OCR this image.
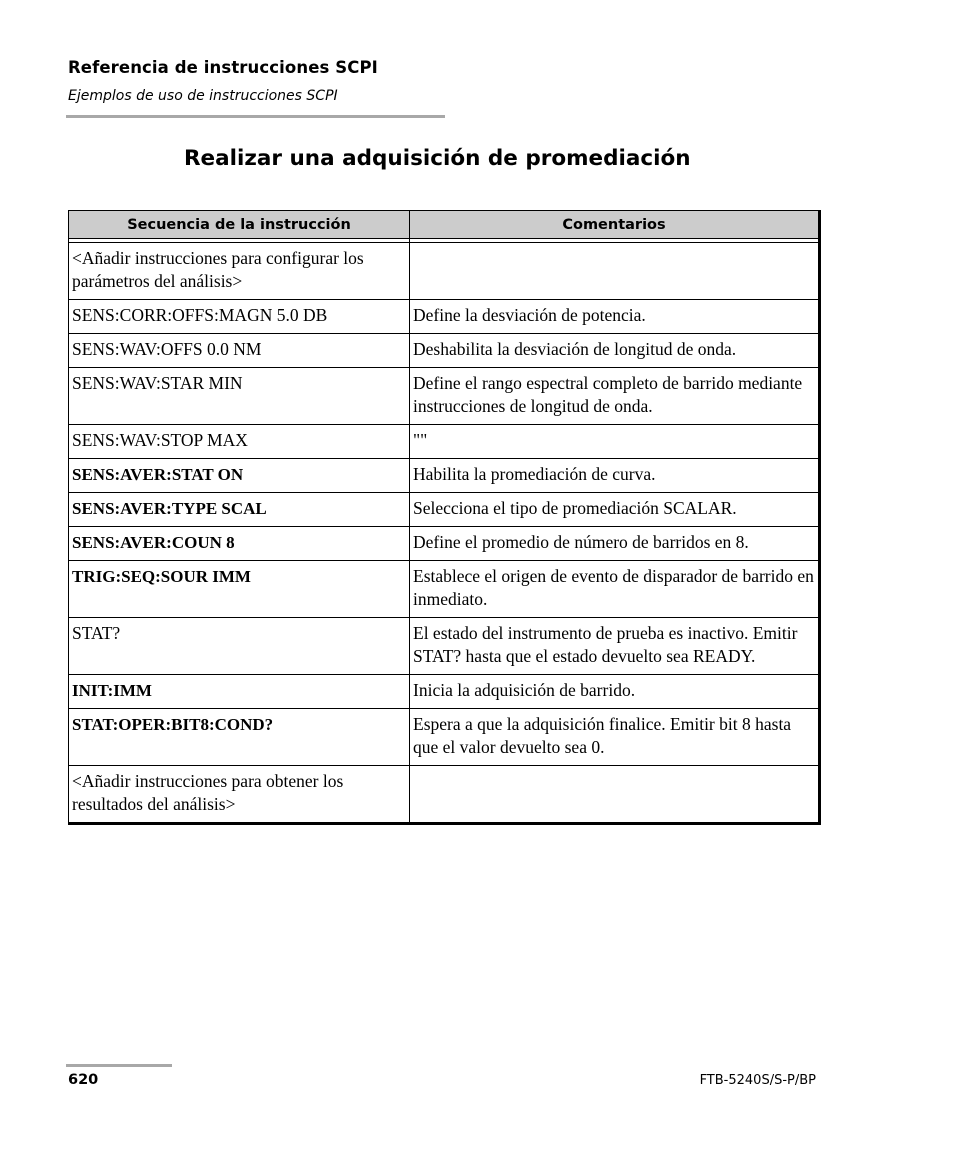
Referencia de instrucciones SCPI
Ejemplos de uso de instrucciones SCPI
Realizar una adquisición de promediación
Secuencia de la instrucción	Comentarios

<Añadir instrucciones para configurar los parámetros del análisis>	
SENS:CORR:OFFS:MAGN 5.0 DB	Define la desviación de potencia.
SENS:WAV:OFFS 0.0 NM	Deshabilita la desviación de longitud de onda.
SENS:WAV:STAR MIN	Define el rango espectral completo de barrido mediante instrucciones de longitud de onda.
SENS:WAV:STOP MAX	""
SENS:AVER:STAT ON	Habilita la promediación de curva.
SENS:AVER:TYPE SCAL	Selecciona el tipo de promediación SCALAR.
SENS:AVER:COUN 8	Define el promedio de número de barridos en 8.
TRIG:SEQ:SOUR IMM	Establece el origen de evento de disparador de barrido en inmediato.
STAT?	El estado del instrumento de prueba es inactivo. Emitir STAT? hasta que el estado devuelto sea READY.
INIT:IMM	Inicia la adquisición de barrido.
STAT:OPER:BIT8:COND?	Espera a que la adquisición finalice. Emitir bit 8 hasta que el valor devuelto sea 0.
<Añadir instrucciones para obtener los resultados del análisis>	
620	FTB-5240S/S-P/BP
